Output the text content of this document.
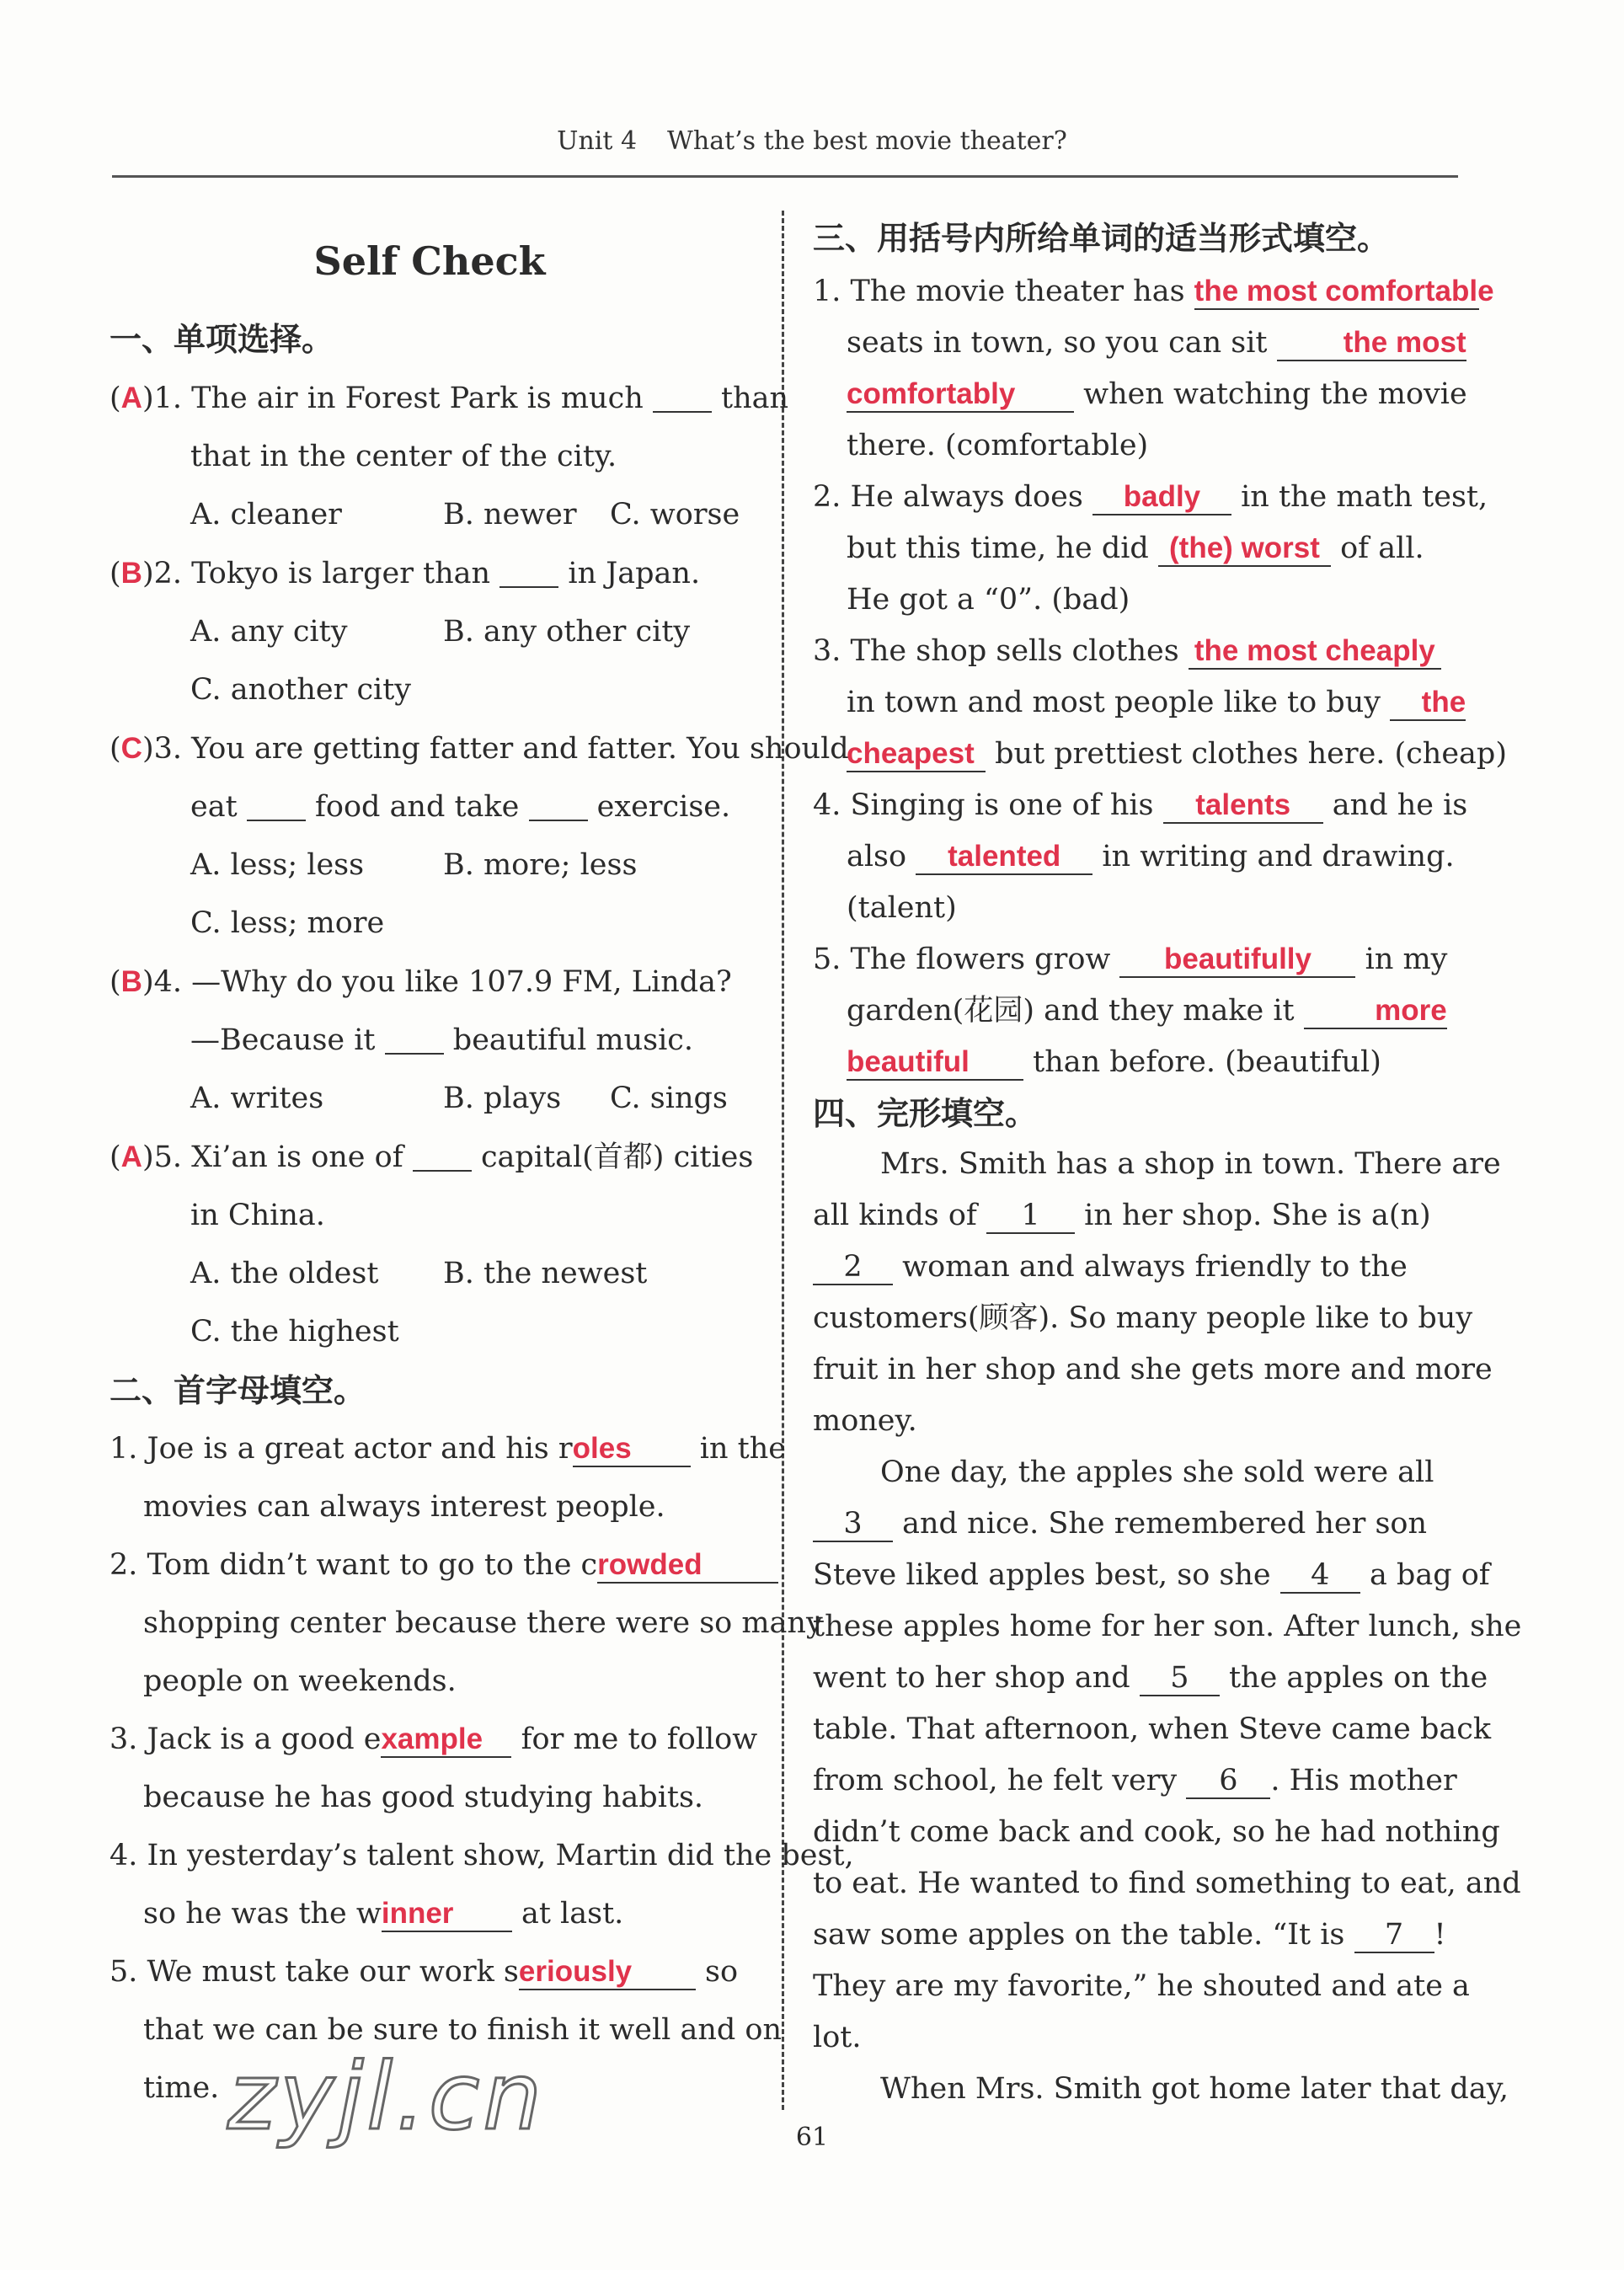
Unit 4 What’s the best movie theater?
Self Check
一、单项选择。
(A)1. The air in Forest Park is much	than
that in the center of the city.
A. cleaner	B. newer C. worse
(B)2. Tokyo is larger than	in Japan.
A. any city	B. any other city
C. another city
(C)3. You are getting fatter and fatter. You should
eat	food and take	exercise.
A. less; less	B. more; less
C. less; more
(B)4. —Why do you like 107.9 FM, Linda?
—Because it	beautiful music.
A. writes	B. plays C. sings
(A)5. Xi’an is one of	capital(首都) cities
in China.
A. the oldest B. the newest
C. the highest
二、首字母填空。
1. Joe is a great actor and his roles in the
movies can always interest people.
2. Tom didn’t want to go to the crowded
shopping center because there were so many
people on weekends.
3. Jack is a good example for me to follow
because he has good studying habits.
4. In yesterday’s talent show, Martin did the best,
so he was the winner at last.
5. We must take our work seriously so
that we can be sure to finish it well and on
time.
三、用括号内所给单词的适当形式填空。
1. The movie theater has the most comfortable
seats in town, so you can sit	the most
comfortably when watching the movie
there. (comfortable)
2. He always does badly in the math test,
but this time, he did (the) worst of all.
He got a “0”. (bad)
3. The shop sells clothes the most cheaply
in town and most people like to buy the
cheapest but prettiest clothes here. (cheap)
4. Singing is one of his talents and he is
also talented in writing and drawing.
(talent)
5. The flowers grow beautifully in my
garden(花园) and they make it	more
beautiful than before. (beautiful)
四、完形填空。
Mrs. Smith has a shop in town. There are
all kinds of 1 in her shop. She is a(n)
2 woman and always friendly to the
customers(顾客). So many people like to buy
fruit in her shop and she gets more and more
money.
One day, the apples she sold were all
3 and nice. She remembered her son
Steve liked apples best, so she 4 a bag of
these apples home for her son. After lunch, she
went to her shop and 5 the apples on the
table. That afternoon, when Steve came back
from school, he felt very 6 . His mother
didn’t come back and cook, so he had nothing
to eat. He wanted to find something to eat, and
saw some apples on the table. “It is 7 !
They are my favorite,” he shouted and ate a
lot.
When Mrs. Smith got home later that day,
zyjl.cn	61
